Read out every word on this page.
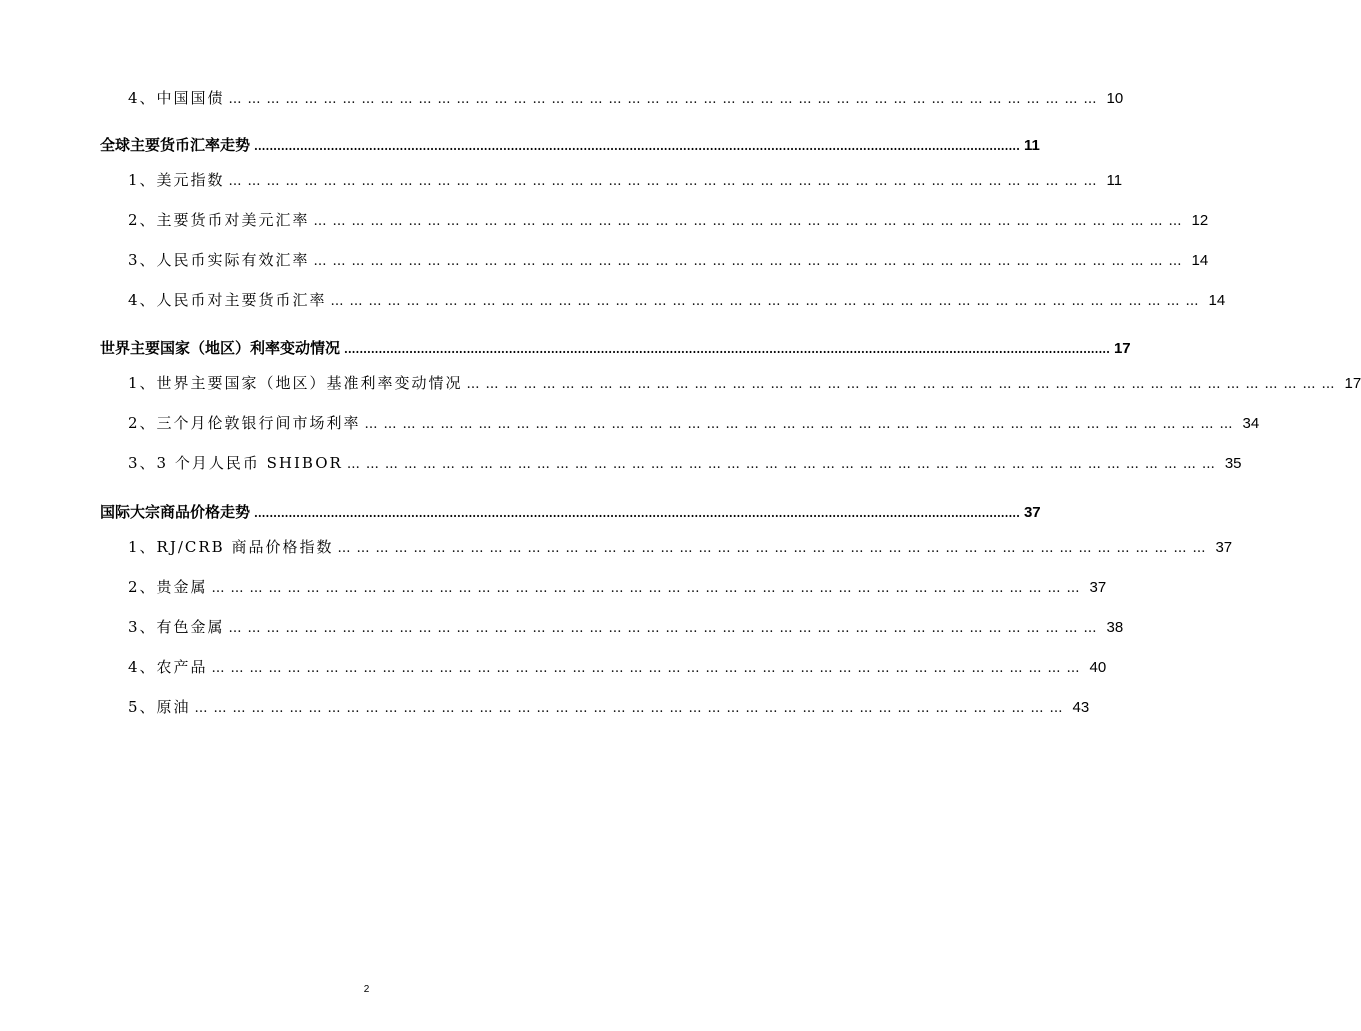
4、中国国债 ………………………………………………………………………………………………………………………… 10
全球主要货币汇率走势 ........................................................................................................................................................................................................ 11
1、美元指数 ………………………………………………………………………………………………………………………… 11
2、主要货币对美元汇率 ………………………………………………………………………………………………………………………… 12
3、人民币实际有效汇率 ………………………………………………………………………………………………………………………… 14
4、人民币对主要货币汇率 ………………………………………………………………………………………………………………………… 14
世界主要国家（地区）利率变动情况 ........................................................................................................................................................................................................ 17
1、世界主要国家（地区）基准利率变动情况 ………………………………………………………………………………………………………………………… 17
2、三个月伦敦银行间市场利率 ………………………………………………………………………………………………………………………… 34
3、3 个月人民币 SHIBOR ………………………………………………………………………………………………………………………… 35
国际大宗商品价格走势 ........................................................................................................................................................................................................ 37
1、RJ/CRB 商品价格指数 ………………………………………………………………………………………………………………………… 37
2、贵金属 ………………………………………………………………………………………………………………………… 37
3、有色金属 ………………………………………………………………………………………………………………………… 38
4、农产品 ………………………………………………………………………………………………………………………… 40
5、原油 ………………………………………………………………………………………………………………………… 43
2
